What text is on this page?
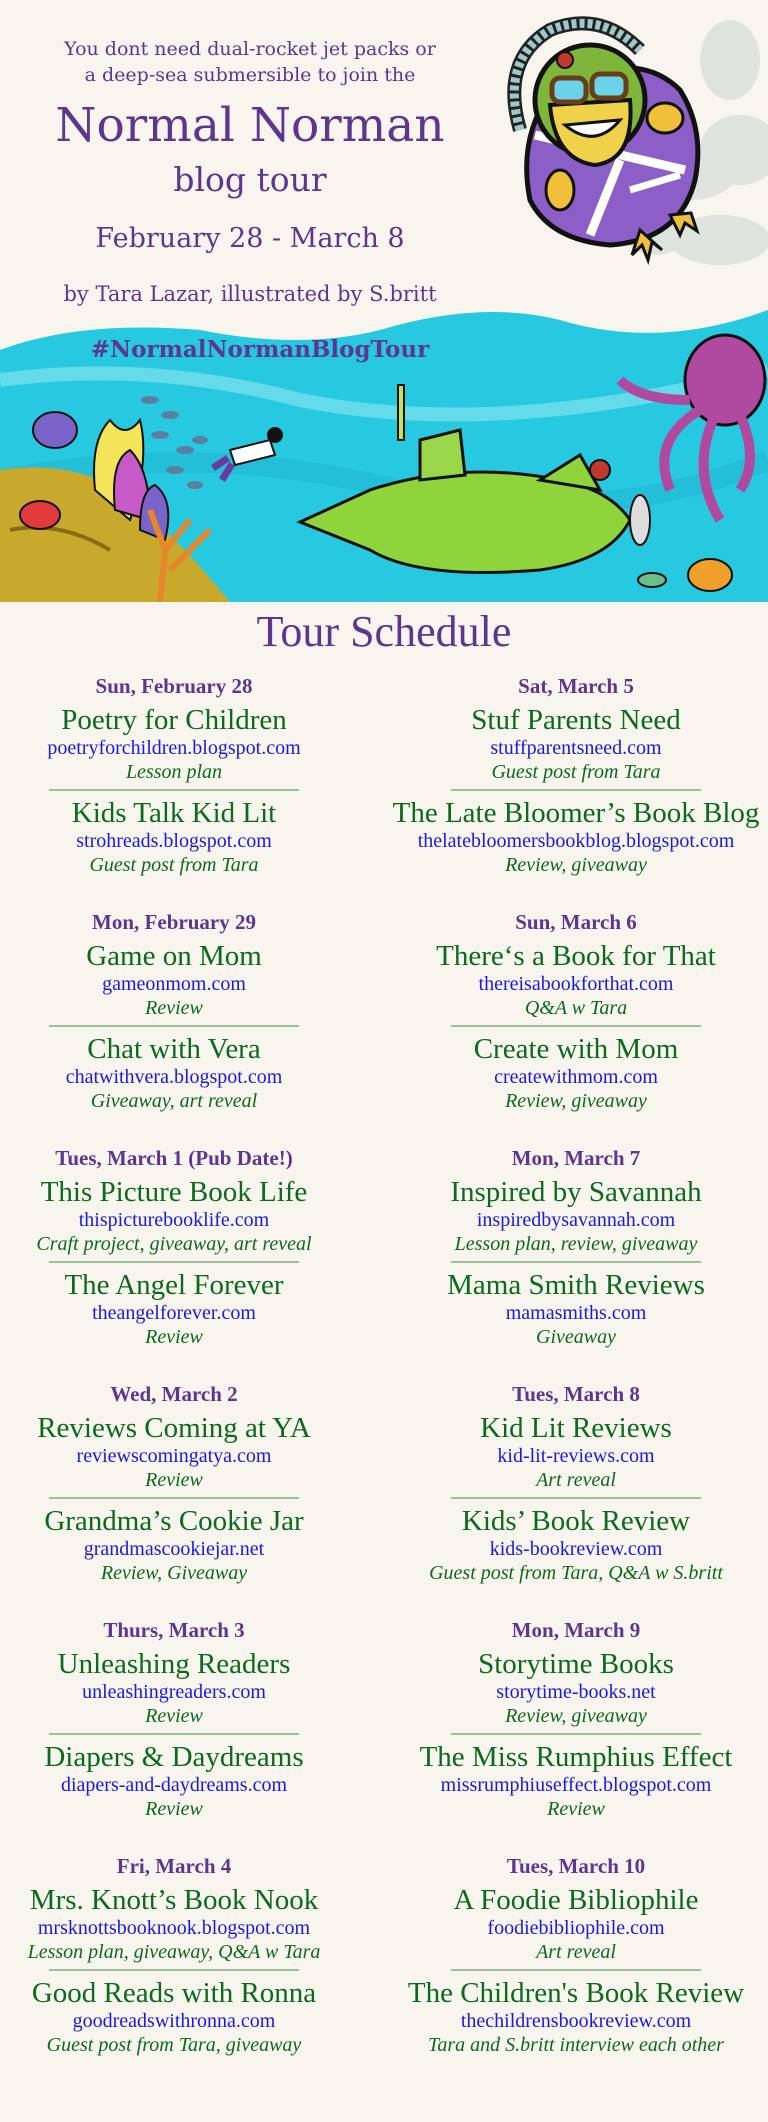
You dont need dual-rocket jet packs or
a deep-sea submersible to join the
Normal Norman
blog tour
February 28 - March 8
by Tara Lazar, illustrated by S.britt
#NormalNormanBlogTour
Tour Schedule
Sun, February 28
Poetry for Children
poetryforchildren.blogspot.com
Lesson plan
Kids Talk Kid Lit
strohreads.blogspot.com
Guest post from Tara
Mon, February 29
Game on Mom
gameonmom.com
Review
Chat with Vera
chatwithvera.blogspot.com
Giveaway, art reveal
Tues, March 1 (Pub Date!)
This Picture Book Life
thispicturebooklife.com
Craft project, giveaway, art reveal
The Angel Forever
theangelforever.com
Review
Wed, March 2
Reviews Coming at YA
reviewscomingatya.com
Review
Grandma’s Cookie Jar
grandmascookiejar.net
Review, Giveaway
Thurs, March 3
Unleashing Readers
unleashingreaders.com
Review
Diapers & Daydreams
diapers-and-daydreams.com
Review
Fri, March 4
Mrs. Knott’s Book Nook
mrsknottsbooknook.blogspot.com
Lesson plan, giveaway, Q&A w Tara
Good Reads with Ronna
goodreadswithronna.com
Guest post from Tara, giveaway
Sat, March 5
Stuf Parents Need
stuffparentsneed.com
Guest post from Tara
The Late Bloomer’s Book Blog
thelatebloomersbookblog.blogspot.com
Review, giveaway
Sun, March 6
There‘s a Book for That
thereisabookforthat.com
Q&A w Tara
Create with Mom
createwithmom.com
Review, giveaway
Mon, March 7
Inspired by Savannah
inspiredbysavannah.com
Lesson plan, review, giveaway
Mama Smith Reviews
mamasmiths.com
Giveaway
Tues, March 8
Kid Lit Reviews
kid-lit-reviews.com
Art reveal
Kids’ Book Review
kids-bookreview.com
Guest post from Tara, Q&A w S.britt
Mon, March 9
Storytime Books
storytime-books.net
Review, giveaway
The Miss Rumphius Effect
missrumphiuseffect.blogspot.com
Review
Tues, March 10
A Foodie Bibliophile
foodiebibliophile.com
Art reveal
The Children's Book Review
thechildrensbookreview.com
Tara and S.britt interview each other
